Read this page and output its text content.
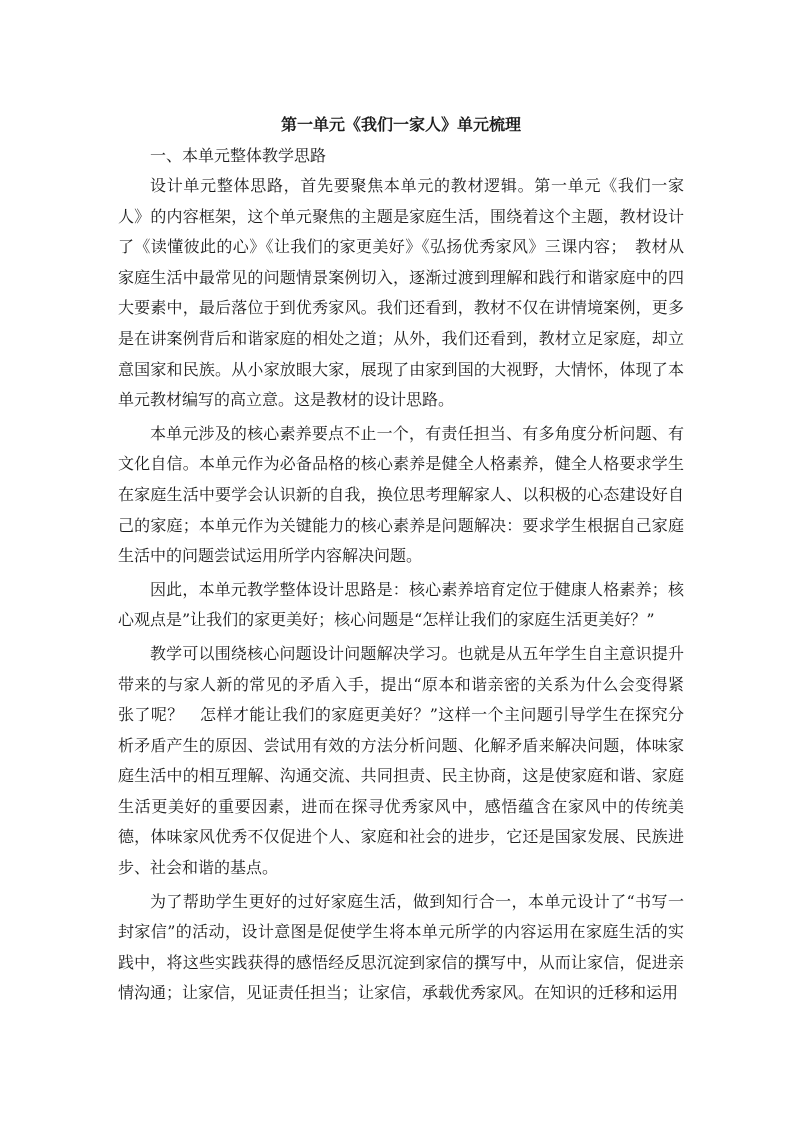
第一单元《我们一家人》单元梳理

一、本单元整体教学思路

设计单元整体思路，首先要聚焦本单元的教材逻辑。第一单元《我们一家人》的内容框架，这个单元聚焦的主题是家庭生活，围绕着这个主题，教材设计了《读懂彼此的心》《让我们的家更美好》《弘扬优秀家风》三课内容；　教材从家庭生活中最常见的问题情景案例切入，逐渐过渡到理解和践行和谐家庭中的四大要素中，最后落位于到优秀家风。我们还看到，教材不仅在讲情境案例，更多是在讲案例背后和谐家庭的相处之道；从外，我们还看到，教材立足家庭，却立意国家和民族。从小家放眼大家，展现了由家到国的大视野，大情怀，体现了本单元教材编写的高立意。这是教材的设计思路。

本单元涉及的核心素养要点不止一个，有责任担当、有多角度分析问题、有文化自信。本单元作为必备品格的核心素养是健全人格素养，健全人格要求学生在家庭生活中要学会认识新的自我，换位思考理解家人、以积极的心态建设好自己的家庭；本单元作为关键能力的核心素养是问题解决：要求学生根据自己家庭生活中的问题尝试运用所学内容解决问题。

因此，本单元教学整体设计思路是：核心素养培育定位于健康人格素养；核心观点是”让我们的家更美好；核心问题是“怎样让我们的家庭生活更美好？”

教学可以围绕核心问题设计问题解决学习。也就是从五年学生自主意识提升带来的与家人新的常见的矛盾入手，提出“原本和谐亲密的关系为什么会变得紧张了呢？　怎样才能让我们的家庭更美好？”这样一个主问题引导学生在探究分析矛盾产生的原因、尝试用有效的方法分析问题、化解矛盾来解决问题，体味家庭生活中的相互理解、沟通交流、共同担责、民主协商，这是使家庭和谐、家庭生活更美好的重要因素，进而在探寻优秀家风中，感悟蕴含在家风中的传统美德，体味家风优秀不仅促进个人、家庭和社会的进步，它还是国家发展、民族进步、社会和谐的基点。

为了帮助学生更好的过好家庭生活，做到知行合一，本单元设计了“书写一封家信”的活动，设计意图是促使学生将本单元所学的内容运用在家庭生活的实践中，将这些实践获得的感悟经反思沉淀到家信的撰写中，从而让家信，促进亲情沟通；让家信，见证责任担当；让家信，承载优秀家风。在知识的迁移和运用
